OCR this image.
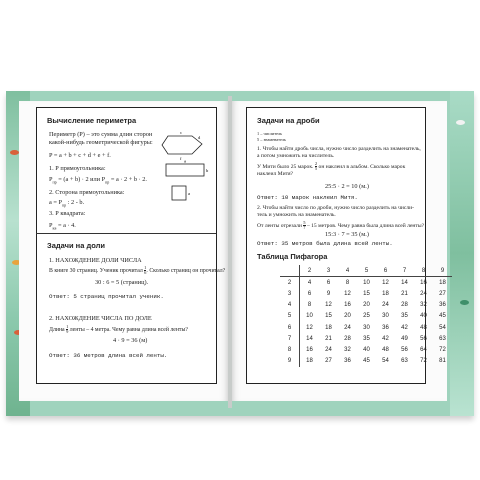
Вычисление периметра
Периметр (Р) – это сумма длин сторон
какой-нибудь геометрической фигуры:
P = a + b + c + d + e + f.
1. Р прямоугольника:
$P_{пр} = (a + b) \cdot 2$ или $P_{пр} = a \cdot 2 + b \cdot 2$.
2. Сторона прямоугольника:
$a = P_{пр}$ : 2 - b.
3. Р квадрата:
$P_{кв} = a \cdot 4$.
c
d
f a
b
a
Задачи на доли
1. НАХОЖДЕНИЕ ДОЛИ ЧИСЛА
В книге 30 страниц. Ученик прочитал $\frac{1}{6}$ . Сколько страниц он прочитал?
30 : 6 = 5 (страниц).
Ответ: 5 страниц прочитал ученик.
2. НАХОЖДЕНИЕ ЧИСЛА ПО ДОЛЕ
Длина $\frac{1}{9}$ ленты – 4 метра. Чему равна длина всей ленты?
4 · 9 = 36 (м)
Ответ: 36 метров длина всей ленты.
Задачи на дроби
1 – числитель
5 – знаменатель
1. Чтобы найти дробь числа, нужно число разделить на знаменатель,
а потом умножить на числитель.
У Мити было 25 марок. $\frac{2}{5}$ он наклеил в альбом. Сколько марок
наклеил Митя?
25:5 · 2 = 10 (м.)
Ответ: 10 марок наклеил Митя.
2. Чтобы найти число по дроби, нужно число разделить на числи-
тель и умножить на знаменатель.
От ленты отрезали $\frac{5}{7} - 15$ метров. Чему равна была длина всей ленты?
15:3 · 7 = 35 (м.)
Ответ: 35 метров была длина всей ленты.
Таблица Пифагора
	2	3	4	5	6	7	8	9
2	4	6	8	10	12	14	16	18
3	6	9	12	15	18	21	24	27
4	8	12	16	20	24	28	32	36
5	10	15	20	25	30	35	40	45
6	12	18	24	30	36	42	48	54
7	14	21	28	35	42	49	56	63
8	16	24	32	40	48	56	64	72
9	18	27	36	45	54	63	72	81
